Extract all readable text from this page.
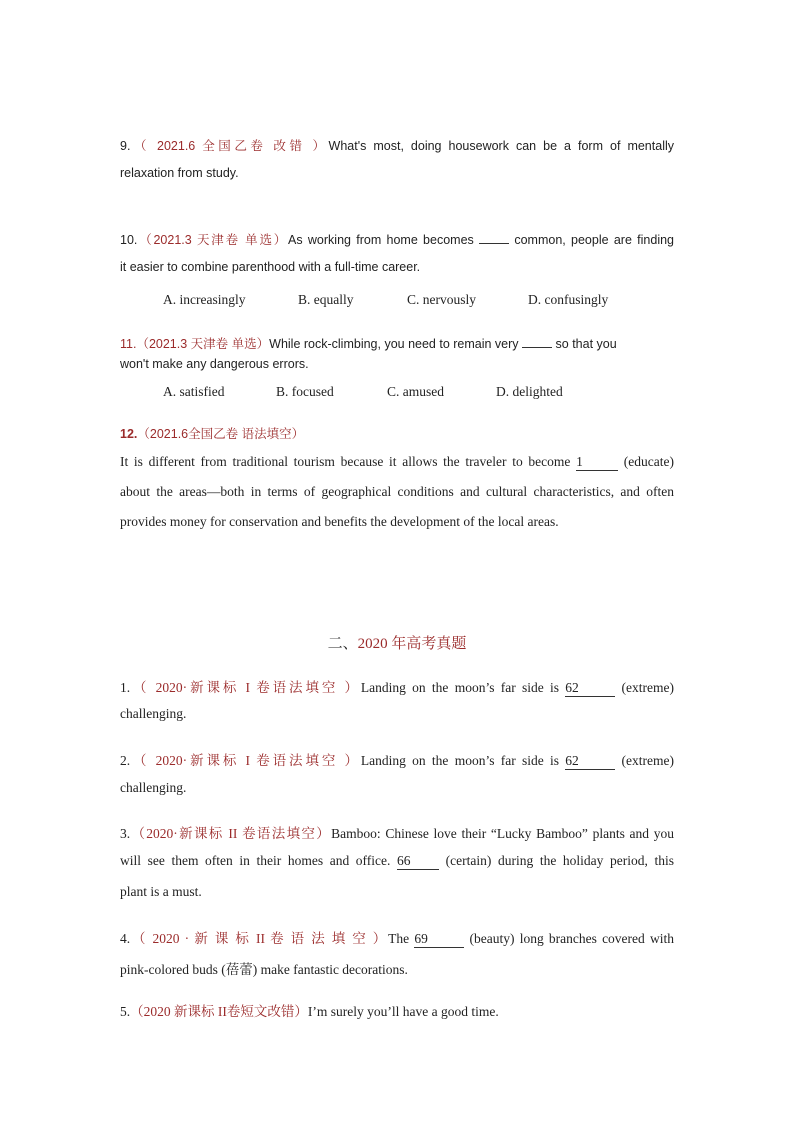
9.（ 2021.6 全国乙卷 改错 ）What's most, doing housework can be a form of mentally
relaxation from study.
10.（2021.3 天津卷 单选）As working from home becomes	common, people are finding
it easier to combine parenthood with a full-time career.
A. increasingly	B. equally	C. nervously	D. confusingly
11.（2021.3 天津卷 单选）While rock-climbing, you need to remain very	so that you
won't make any dangerous errors.
A. satisfied	B. focused	C. amused	D. delighted
12.（2021.6全国乙卷 语法填空）
It is different from traditional tourism because it allows the traveler to become 1	(educate)
about the areas—both in terms of geographical conditions and cultural characteristics, and often
provides money for conservation and benefits the development of the local areas.
二、2020 年高考真题
1.（ 2020·新课标 I 卷语法填空 ）Landing on the moon’s far side is 62	(extreme)
challenging.
2.（ 2020·新课标 I 卷语法填空 ）Landing on the moon’s far side is 62	(extreme)
challenging.
3.（2020·新课标 II 卷语法填空）Bamboo: Chinese love their “Lucky Bamboo” plants and you
will see them often in their homes and office. 66	(certain) during the holiday period, this
plant is a must.
4.（ 2020 · 新 课 标 II 卷 语 法 填 空 ）The 69	(beauty) long branches covered with
pink-colored buds (蓓蕾) make fantastic decorations.
5.（2020 新课标 II卷短文改错）I’m surely you’ll have a good time.
